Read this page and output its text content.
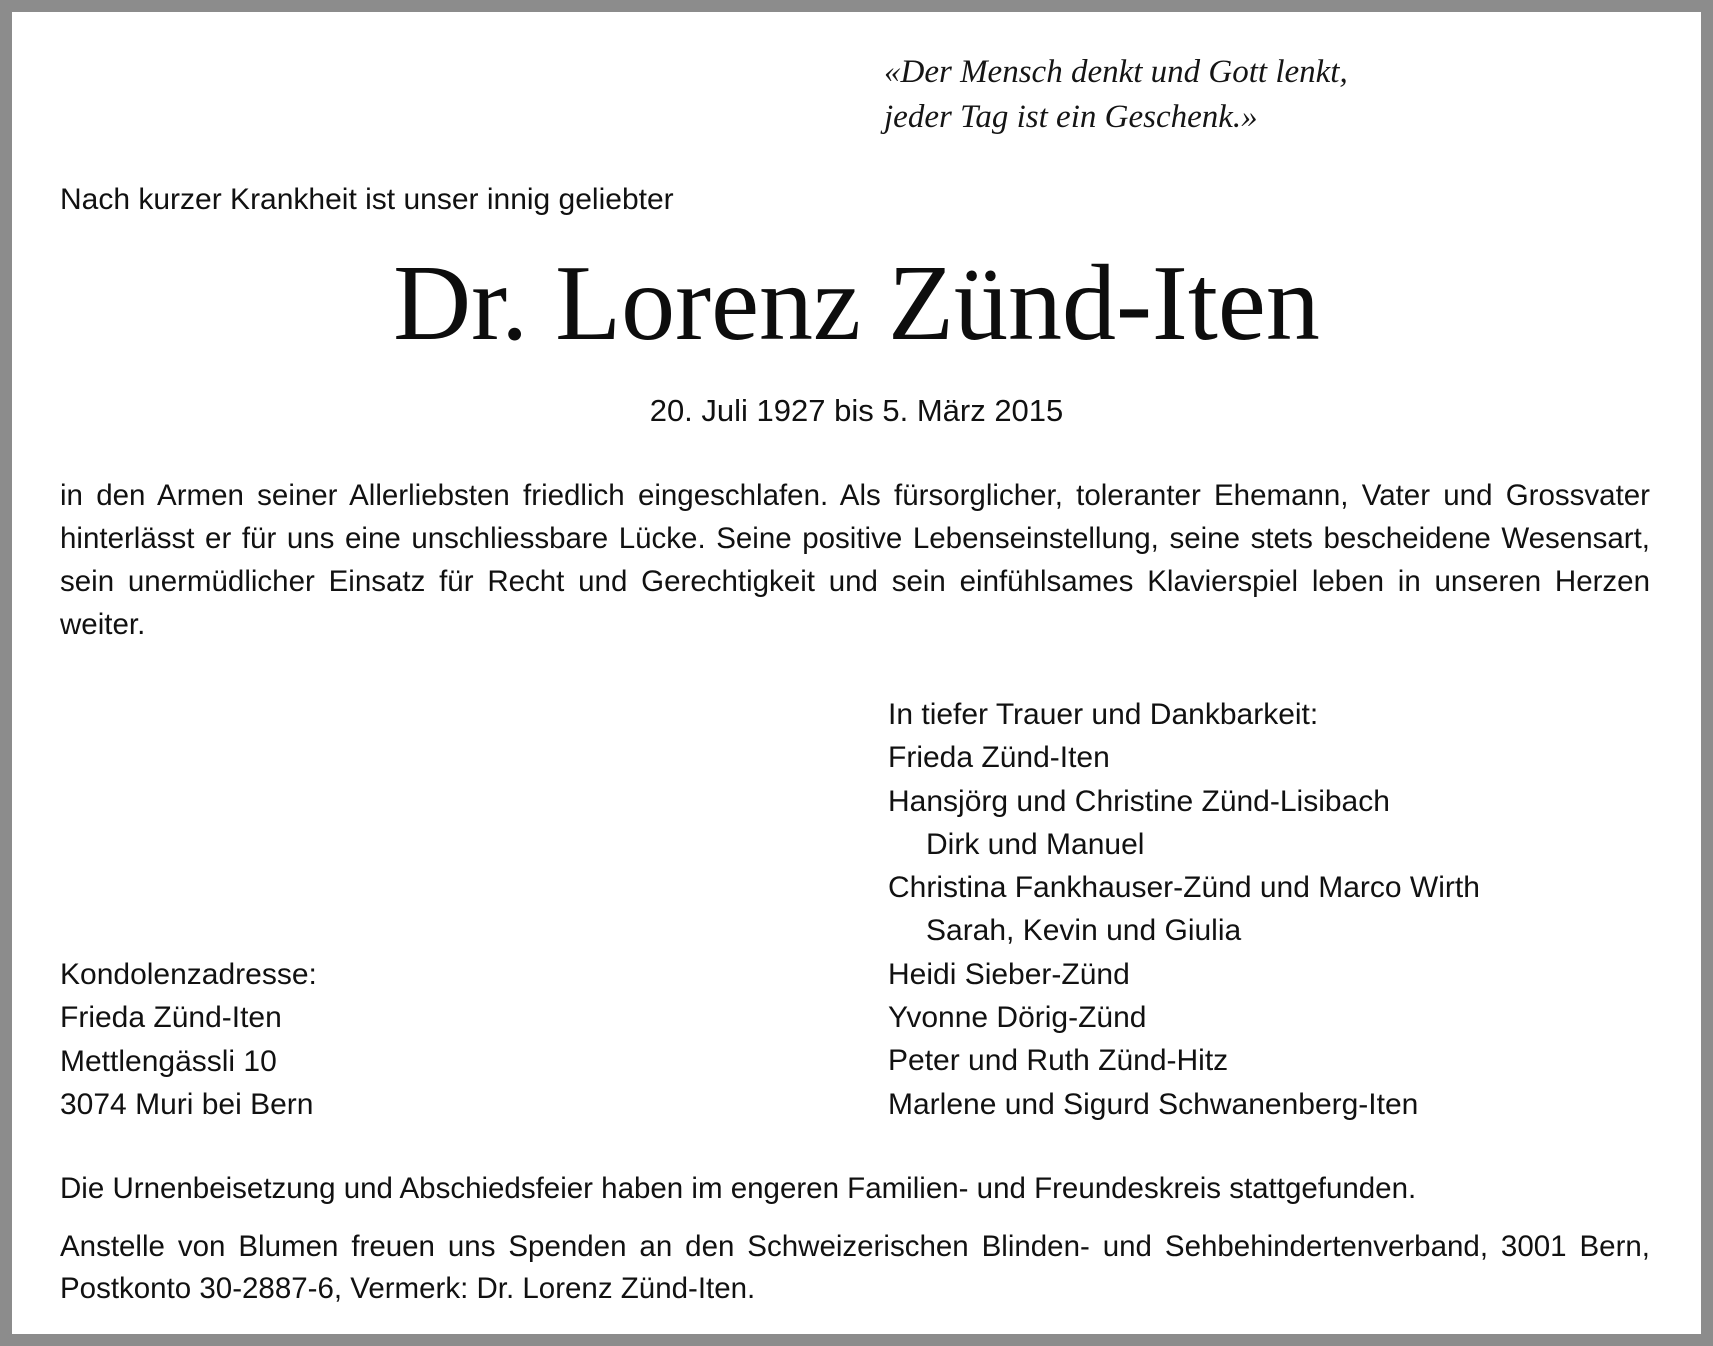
«Der Mensch denkt und Gott lenkt,
jeder Tag ist ein Geschenk.»
Nach kurzer Krankheit ist unser innig geliebter
Dr. Lorenz Zünd-Iten
20. Juli 1927 bis 5. März 2015
in den Armen seiner Allerliebsten friedlich eingeschlafen. Als fürsorglicher, toleranter Ehemann, Vater und Grossvater hinterlässt er für uns eine unschliessbare Lücke. Seine positive Lebenseinstellung, seine stets bescheidene Wesensart, sein unermüdlicher Einsatz für Recht und Gerechtigkeit und sein einfühlsames Klavierspiel leben in unseren Herzen weiter.
In tiefer Trauer und Dankbarkeit:
Frieda Zünd-Iten
Hansjörg und Christine Zünd-Lisibach
Dirk und Manuel
Christina Fankhauser-Zünd und Marco Wirth
Sarah, Kevin und Giulia
Heidi Sieber-Zünd
Yvonne Dörig-Zünd
Peter und Ruth Zünd-Hitz
Marlene und Sigurd Schwanenberg-Iten
Kondolenzadresse:
Frieda Zünd-Iten
Mettlengässli 10
3074 Muri bei Bern
Die Urnenbeisetzung und Abschiedsfeier haben im engeren Familien- und Freundeskreis stattgefunden.
Anstelle von Blumen freuen uns Spenden an den Schweizerischen Blinden- und Sehbehindertenverband, 3001 Bern, Postkonto 30-2887-6, Vermerk: Dr. Lorenz Zünd-Iten.
